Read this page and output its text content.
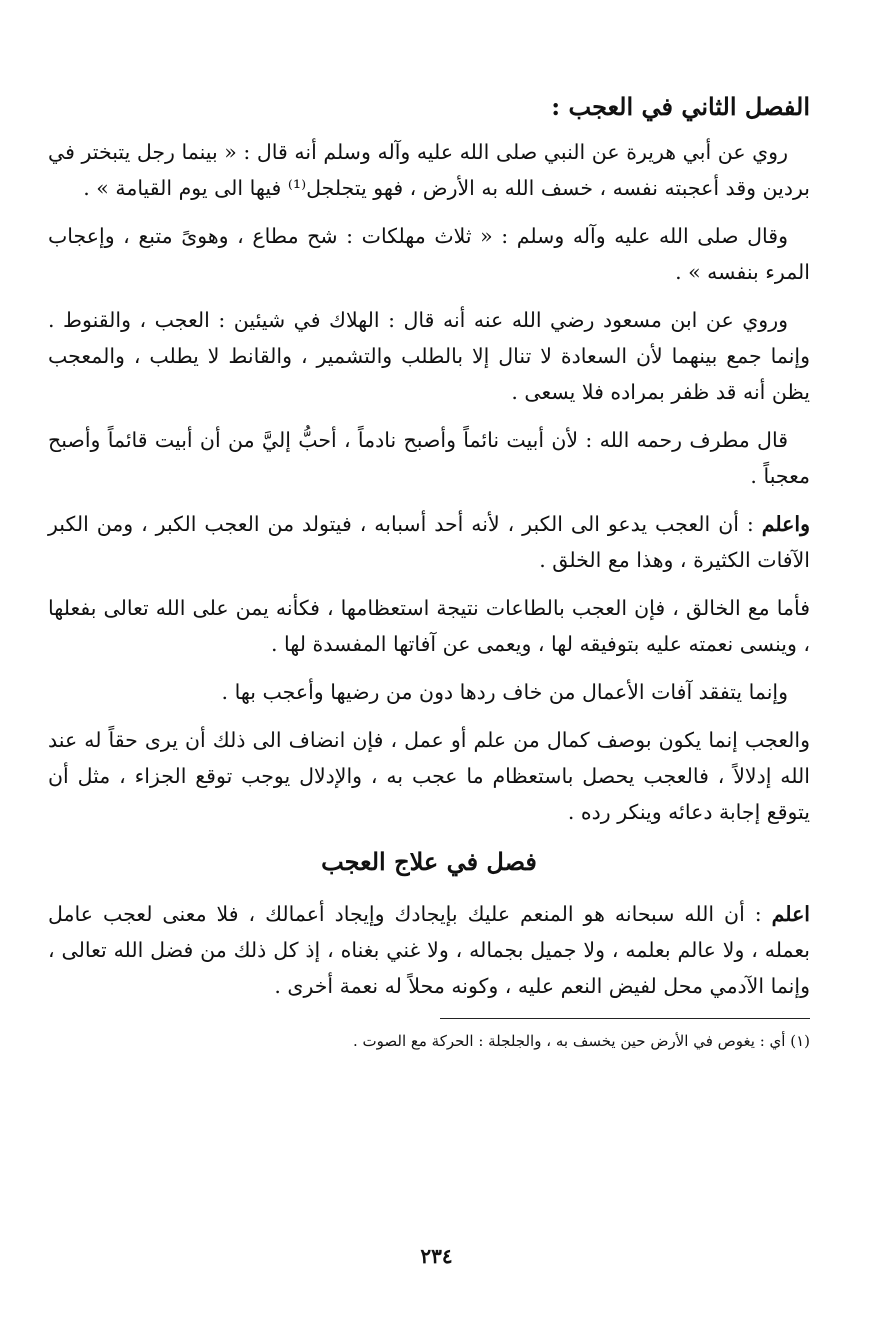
الفصل الثاني في العجب :

روي عن أبي هريرة عن النبي صلى الله عليه وآله وسلم أنه قال : « بينما رجل يتبختر في بردين وقد أعجبته نفسه ، خسف الله به الأرض ، فهو يتجلجل⁽¹⁾ فيها الى يوم القيامة » .

وقال صلى الله عليه وآله وسلم : « ثلاث مهلكات : شح مطاع ، وهوىً متبع ، وإعجاب المرء بنفسه » .

وروي عن ابن مسعود رضي الله عنه أنه قال : الهلاك في شيئين : العجب ، والقنوط . وإنما جمع بينهما لأن السعادة لا تنال إلا بالطلب والتشمير ، والقانط لا يطلب ، والمعجب يظن أنه قد ظفر بمراده فلا يسعى .

قال مطرف رحمه الله : لأن أبيت نائماً وأصبح نادماً ، أحبُّ إليَّ من أن أبيت قائماً وأصبح معجباً .

واعلم : أن العجب يدعو الى الكبر ، لأنه أحد أسبابه ، فيتولد من العجب الكبر ، ومن الكبر الآفات الكثيرة ، وهذا مع الخلق .

فأما مع الخالق ، فإن العجب بالطاعات نتيجة استعظامها ، فكأنه يمن على الله تعالى بفعلها ، وينسى نعمته عليه بتوفيقه لها ، ويعمى عن آفاتها المفسدة لها .

وإنما يتفقد آفات الأعمال من خاف ردها دون من رضيها وأعجب بها .

والعجب إنما يكون بوصف كمال من علم أو عمل ، فإن انضاف الى ذلك أن يرى حقاً له عند الله إدلالاً ، فالعجب يحصل باستعظام ما عجب به ، والإدلال يوجب توقع الجزاء ، مثل أن يتوقع إجابة دعائه وينكر رده .

فصل في علاج العجب

اعلم : أن الله سبحانه هو المنعم عليك بإيجادك وإيجاد أعمالك ، فلا معنى لعجب عامل بعمله ، ولا عالم بعلمه ، ولا جميل بجماله ، ولا غني بغناه ، إذ كل ذلك من فضل الله تعالى ، وإنما الآدمي محل لفيض النعم عليه ، وكونه محلاً له نعمة أخرى .

(١) أي : يغوص في الأرض حين يخسف به ، والجلجلة : الحركة مع الصوت .
٢٣٤
